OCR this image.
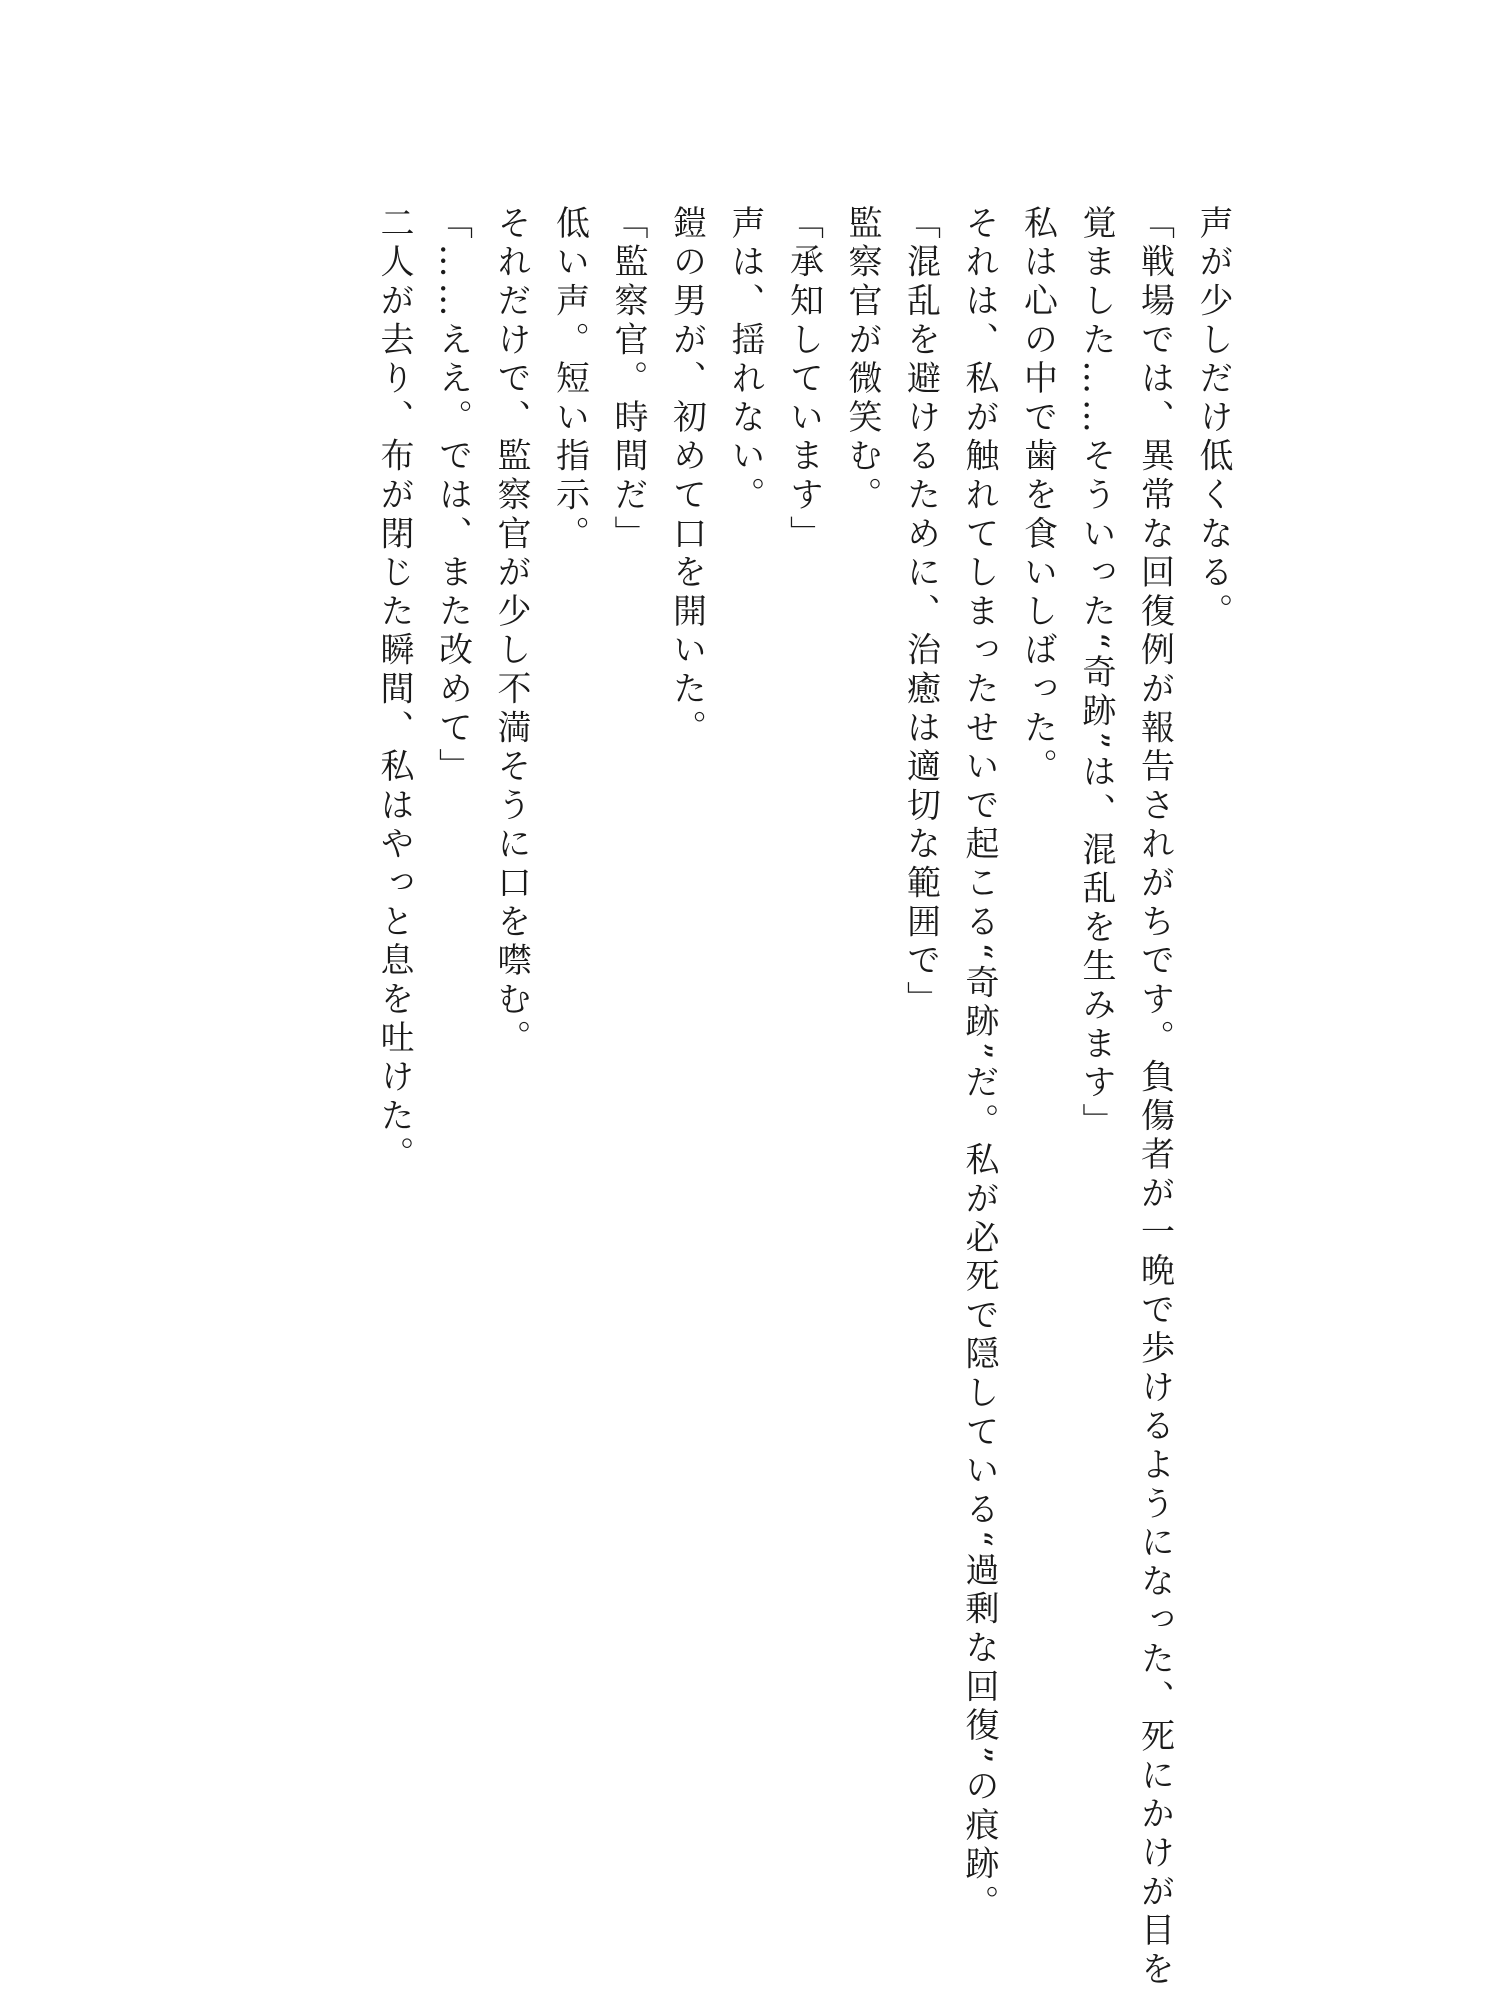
声が少しだけ低くなる。
「戦場では、異常な回復例が報告されがちです。負傷者が一晩で歩けるようになった、死にかけが目を
覚ました……そういった“奇跡”は、混乱を生みます」
私は心の中で歯を食いしばった。
それは、私が触れてしまったせいで起こる“奇跡”だ。私が必死で隠している“過剰な回復”の痕跡。
「混乱を避けるために、治癒は適切な範囲で」
監察官が微笑む。
「承知しています」
声は、揺れない。
鎧の男が、初めて口を開いた。
「監察官。時間だ」
低い声。短い指示。
それだけで、監察官が少し不満そうに口を噤む。
「……ええ。では、また改めて」
二人が去り、布が閉じた瞬間、私はやっと息を吐けた。
